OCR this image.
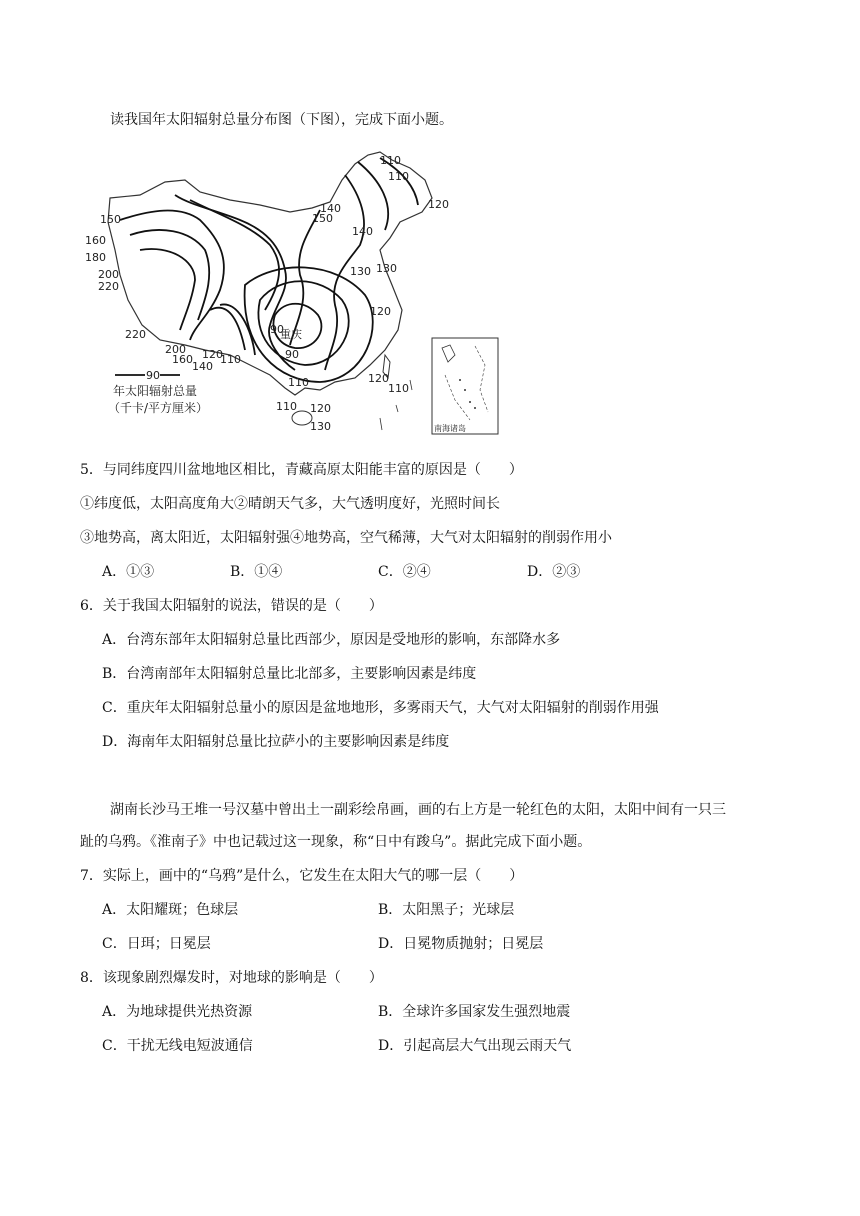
读我国年太阳辐射总量分布图（下图），完成下面小题。
110
110
120
150
140
150
160
180
200
220
140
130
130
120
90
重庆
90
220
200
160
140
120
110
110	120
110
110 120
130
90
年太阳辐射总量
（千卡/平方厘米）
南海诸岛
5．与同纬度四川盆地地区相比，青藏高原太阳能丰富的原因是（　　）
①纬度低，太阳高度角大②晴朗天气多，大气透明度好，光照时间长
③地势高，离太阳近，太阳辐射强④地势高，空气稀薄，大气对太阳辐射的削弱作用小
A．①③	B．①④	C．②④	D．②③
6．关于我国太阳辐射的说法，错误的是（　　）
A．台湾东部年太阳辐射总量比西部少，原因是受地形的影响，东部降水多
B．台湾南部年太阳辐射总量比北部多，主要影响因素是纬度
C．重庆年太阳辐射总量小的原因是盆地地形，多雾雨天气，大气对太阳辐射的削弱作用强
D．海南年太阳辐射总量比拉萨小的主要影响因素是纬度
湖南长沙马王堆一号汉墓中曾出土一副彩绘帛画，画的右上方是一轮红色的太阳，太阳中间有一只三
趾的乌鸦。《淮南子》中也记载过这一现象，称“日中有踆乌”。据此完成下面小题。
7．实际上，画中的“乌鸦”是什么，它发生在太阳大气的哪一层（　　）
A．太阳耀斑；色球层	B．太阳黑子；光球层
C．日珥；日冕层	D．日冕物质抛射；日冕层
8．该现象剧烈爆发时，对地球的影响是（　　）
A．为地球提供光热资源	B．全球许多国家发生强烈地震
C．干扰无线电短波通信	D．引起高层大气出现云雨天气
